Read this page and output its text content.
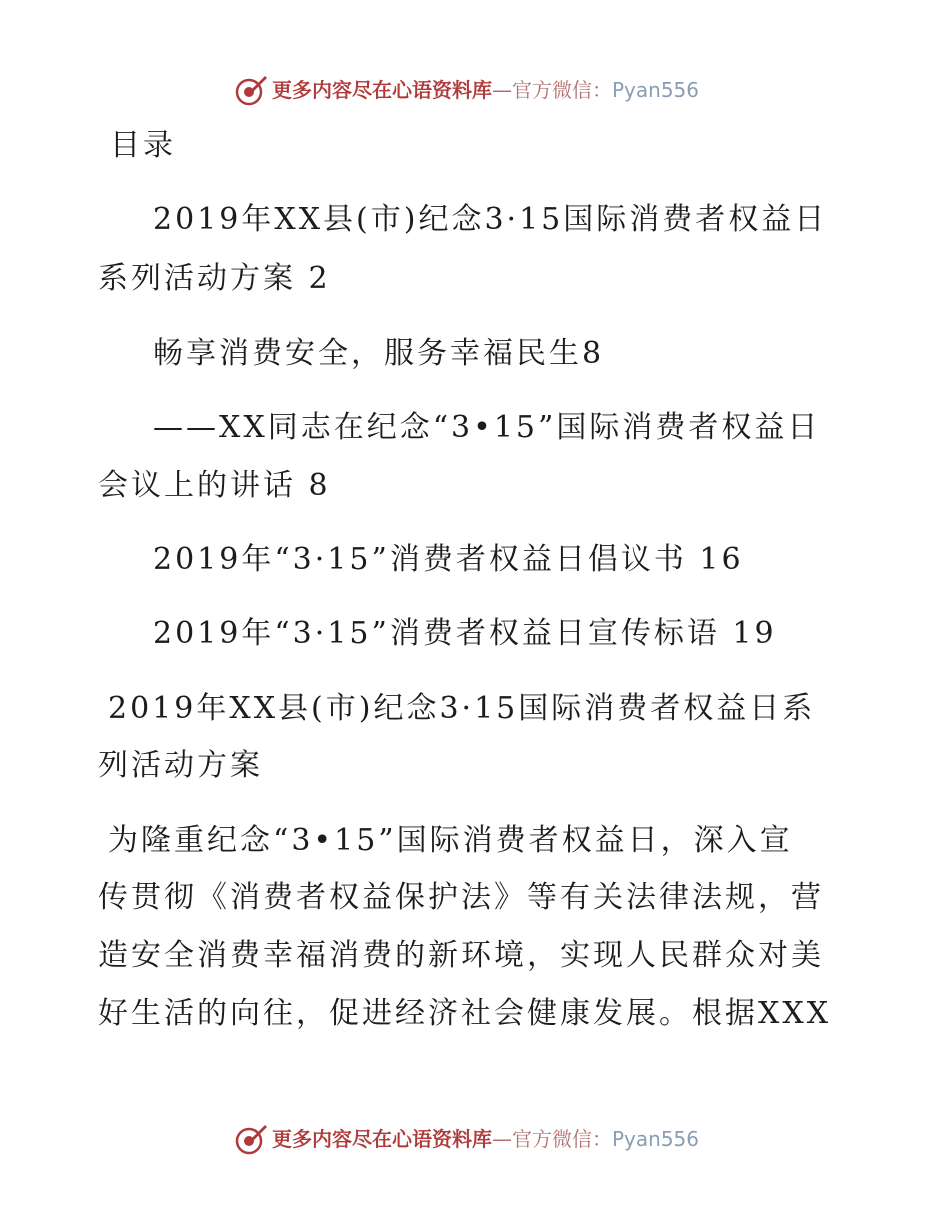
更多内容尽在心语资料库—官方微信：Pyan556
目录
2019年XX县(市)纪念3·15国际消费者权益日
系列活动方案 2
畅享消费安全，服务幸福民生8
——XX同志在纪念“3•15”国际消费者权益日
会议上的讲话 8
2019年“3·15”消费者权益日倡议书 16
2019年“3·15”消费者权益日宣传标语 19
2019年XX县(市)纪念3·15国际消费者权益日系
列活动方案
为隆重纪念“3•15”国际消费者权益日，深入宣
传贯彻《消费者权益保护法》等有关法律法规，营
造安全消费幸福消费的新环境，实现人民群众对美
好生活的向往，促进经济社会健康发展。根据XXX
更多内容尽在心语资料库—官方微信：Pyan556
